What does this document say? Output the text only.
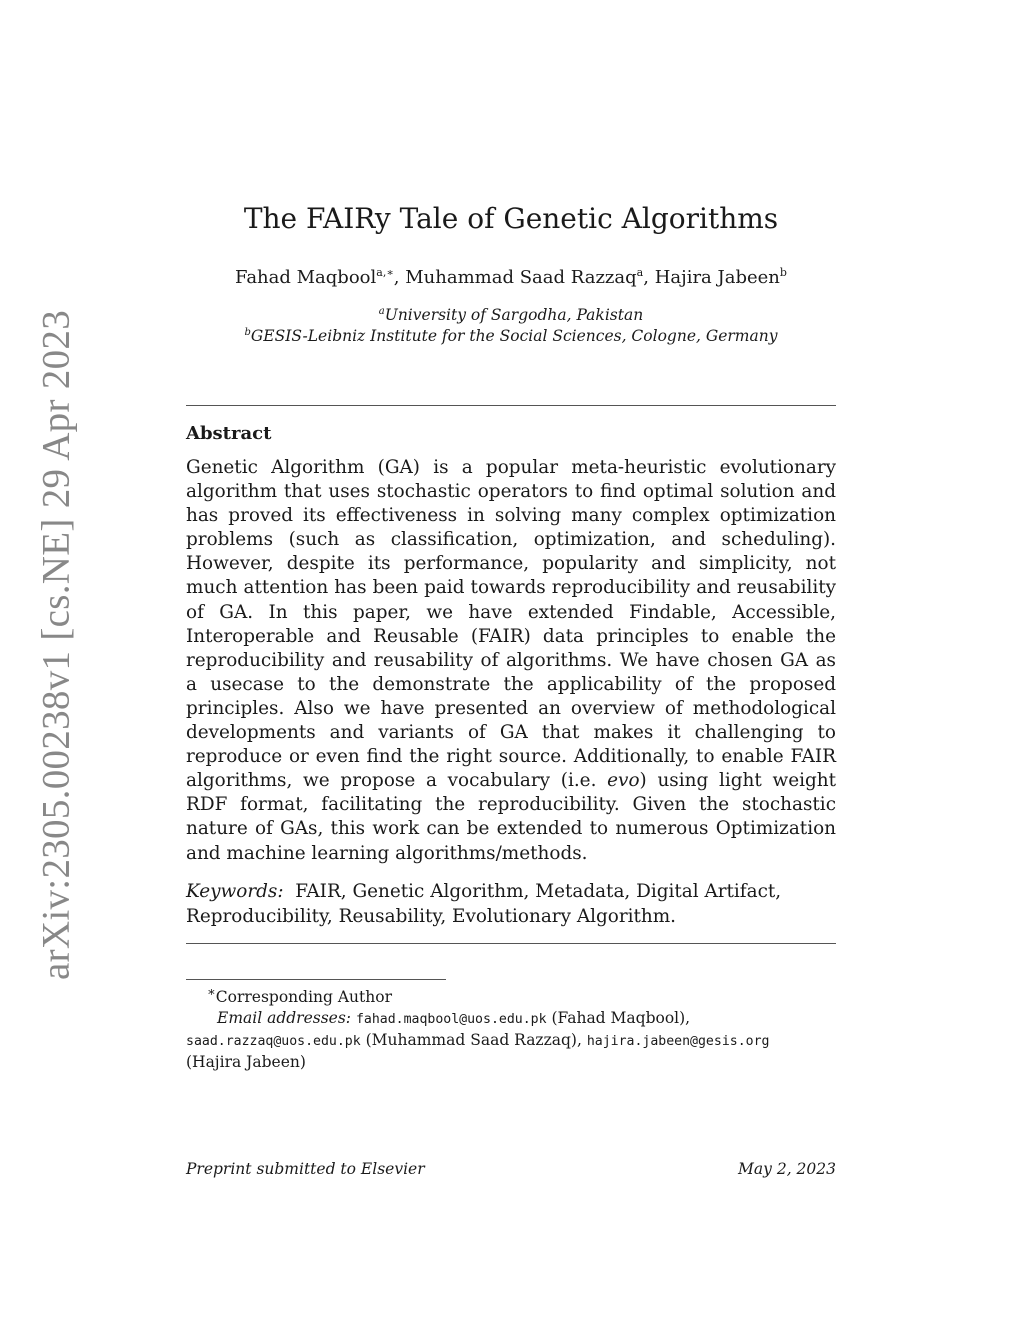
arXiv:2305.00238v1 [cs.NE] 29 Apr 2023
The FAIRy Tale of Genetic Algorithms
Fahad Maqbool$^{a,∗}$, Muhammad Saad Razzaq$^a$, Hajira Jabeen$^b$
$^a$University of Sargodha, Pakistan
$^b$GESIS-Leibniz Institute for the Social Sciences, Cologne, Germany
Abstract

Genetic Algorithm (GA) is a popular meta-heuristic evolutionary algorithm that uses stochastic operators to find optimal solution and has proved its effectiveness in solving many complex optimization problems (such as classification, optimization, and scheduling). However, despite its performance, popularity and simplicity, not much attention has been paid towards reproducibility and reusability of GA. In this paper, we have extended Findable, Accessible, Interoperable and Reusable (FAIR) data principles to enable the reproducibility and reusability of algorithms. We have chosen GA as a usecase to the demonstrate the applicability of the proposed principles. Also we have presented an overview of methodological developments and variants of GA that makes it challenging to reproduce or even find the right source. Additionally, to enable FAIR algorithms, we propose a vocabulary (i.e. evo) using light weight RDF format, facilitating the reproducibility. Given the stochastic nature of GAs, this work can be extended to numerous Optimization and machine learning algorithms/methods.

Keywords: FAIR, Genetic Algorithm, Metadata, Digital Artifact, Reproducibility, Reusability, Evolutionary Algorithm.
∗Corresponding Author
Email addresses: fahad.maqbool@uos.edu.pk (Fahad Maqbool),
saad.razzaq@uos.edu.pk (Muhammad Saad Razzaq), hajira.jabeen@gesis.org
(Hajira Jabeen)
Preprint submitted to Elsevier	May 2, 2023
